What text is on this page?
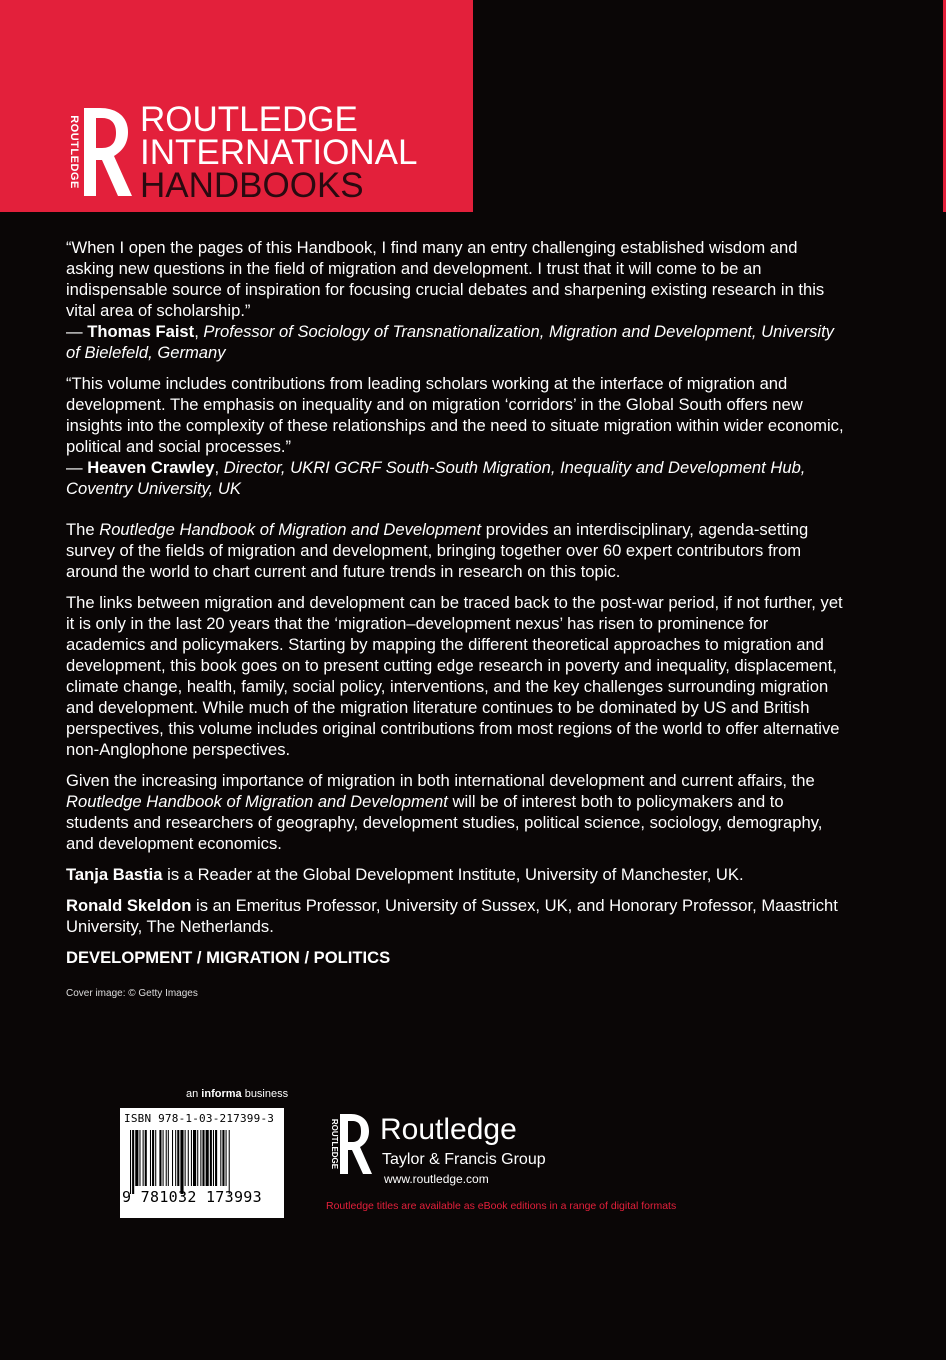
ROUTLEDGE ROUTLEDGE
INTERNATIONAL
HANDBOOKS

“When I open the pages of this Handbook, I find many an entry challenging established wisdom and asking new questions in the field of migration and development. I trust that it will come to be an indispensable source of inspiration for focusing crucial debates and sharpening existing research in this vital area of scholarship.”
— Thomas Faist, Professor of Sociology of Transnationalization, Migration and Development, University of Bielefeld, Germany

“This volume includes contributions from leading scholars working at the interface of migration and development. The emphasis on inequality and on migration ‘corridors’ in the Global South offers new insights into the complexity of these relationships and the need to situate migration within wider economic, political and social processes.”
— Heaven Crawley, Director, UKRI GCRF South-South Migration, Inequality and Development Hub, Coventry University, UK

The Routledge Handbook of Migration and Development provides an interdisciplinary, agenda-setting survey of the fields of migration and development, bringing together over 60 expert contributors from around the world to chart current and future trends in research on this topic.

The links between migration and development can be traced back to the post-war period, if not further, yet it is only in the last 20 years that the ‘migration–development nexus’ has risen to prominence for academics and policymakers. Starting by mapping the different theoretical approaches to migration and development, this book goes on to present cutting edge research in poverty and inequality, displacement, climate change, health, family, social policy, interventions, and the key challenges surrounding migration and development. While much of the migration literature continues to be dominated by US and British perspectives, this volume includes original contributions from most regions of the world to offer alternative non-Anglophone perspectives.

Given the increasing importance of migration in both international development and current affairs, the Routledge Handbook of Migration and Development will be of interest both to policymakers and to students and researchers of geography, development studies, political science, sociology, demography, and development economics.

Tanja Bastia is a Reader at the Global Development Institute, University of Manchester, UK.

Ronald Skeldon is an Emeritus Professor, University of Sussex, UK, and Honorary Professor, Maastricht University, The Netherlands.

DEVELOPMENT / MIGRATION / POLITICS

Cover image: © Getty Images

an informa business
ISBN 978-1-03-217399-3
9 781032 173993
ROUTLEDGE Routledge
Taylor & Francis Group
www.routledge.com
Routledge titles are available as eBook editions in a range of digital formats
